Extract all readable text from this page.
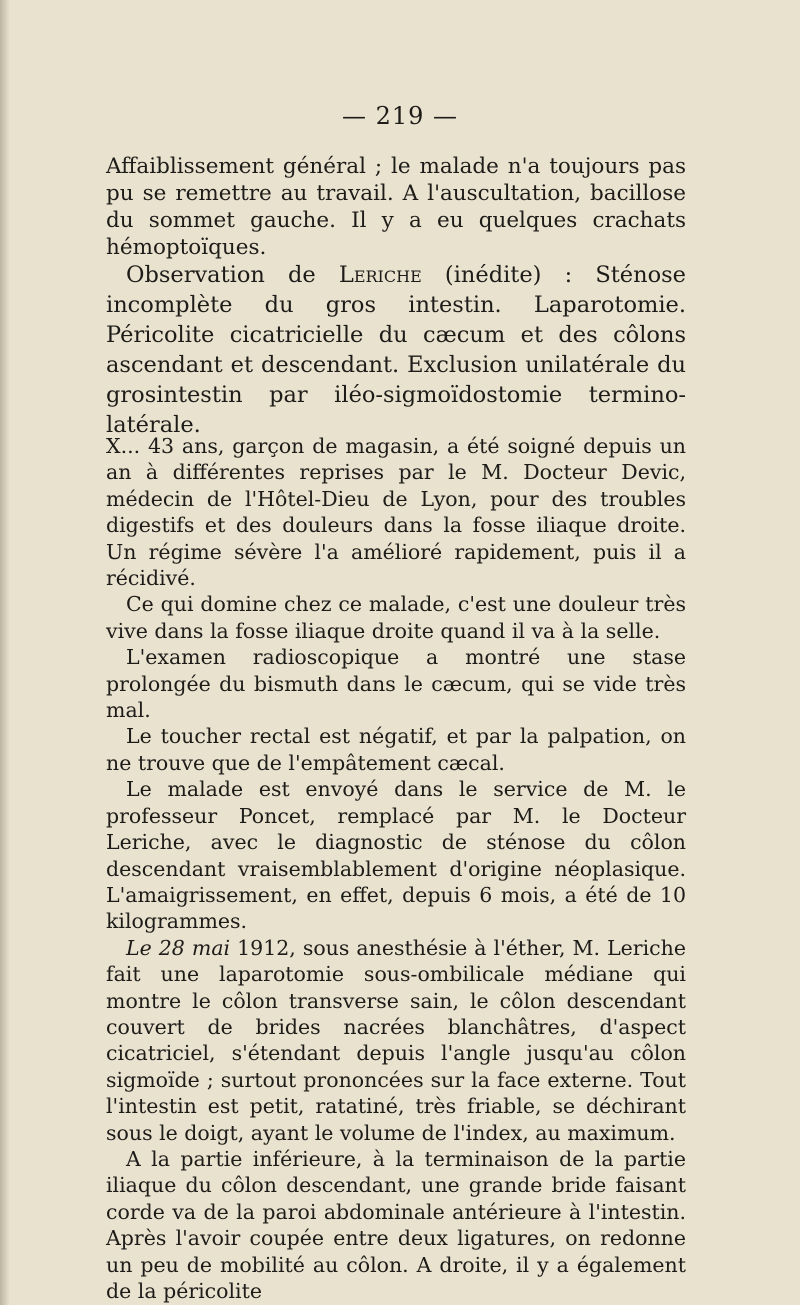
— 219 —

Affaiblissement général ; le malade n'a toujours pas pu se remettre au travail. A l'auscultation, bacillose du sommet gauche. Il y a eu quelques crachats hémoptoïques.

Observation de Leriche (inédite) : Sténose incomplète du gros intestin. Laparotomie. Péricolite cicatricielle du cæcum et des côlons ascendant et descendant. Exclusion unilatérale du grosintestin par iléo-sigmoïdostomie termino-latérale.

X... 43 ans, garçon de magasin, a été soigné depuis un an à différentes reprises par le M. Docteur Devic, médecin de l'Hôtel-Dieu de Lyon, pour des troubles digestifs et des douleurs dans la fosse iliaque droite. Un régime sévère l'a amélioré rapidement, puis il a récidivé.

Ce qui domine chez ce malade, c'est une douleur très vive dans la fosse iliaque droite quand il va à la selle.

L'examen radioscopique a montré une stase prolongée du bismuth dans le cæcum, qui se vide très mal.

Le toucher rectal est négatif, et par la palpation, on ne trouve que de l'empâtement cæcal.

Le malade est envoyé dans le service de M. le professeur Poncet, remplacé par M. le Docteur Leriche, avec le diagnostic de sténose du côlon descendant vraisemblablement d'origine néoplasique. L'amaigrissement, en effet, depuis 6 mois, a été de 10 kilogrammes.

Le 28 mai 1912, sous anesthésie à l'éther, M. Leriche fait une laparotomie sous-ombilicale médiane qui montre le côlon transverse sain, le côlon descendant couvert de brides nacrées blanchâtres, d'aspect cicatriciel, s'étendant depuis l'angle jusqu'au côlon sigmoïde ; surtout prononcées sur la face externe. Tout l'intestin est petit, ratatiné, très friable, se déchirant sous le doigt, ayant le volume de l'index, au maximum.

A la partie inférieure, à la terminaison de la partie iliaque du côlon descendant, une grande bride faisant corde va de la paroi abdominale antérieure à l'intestin. Après l'avoir coupée entre deux ligatures, on redonne un peu de mobilité au côlon. A droite, il y a également de la péricolite
